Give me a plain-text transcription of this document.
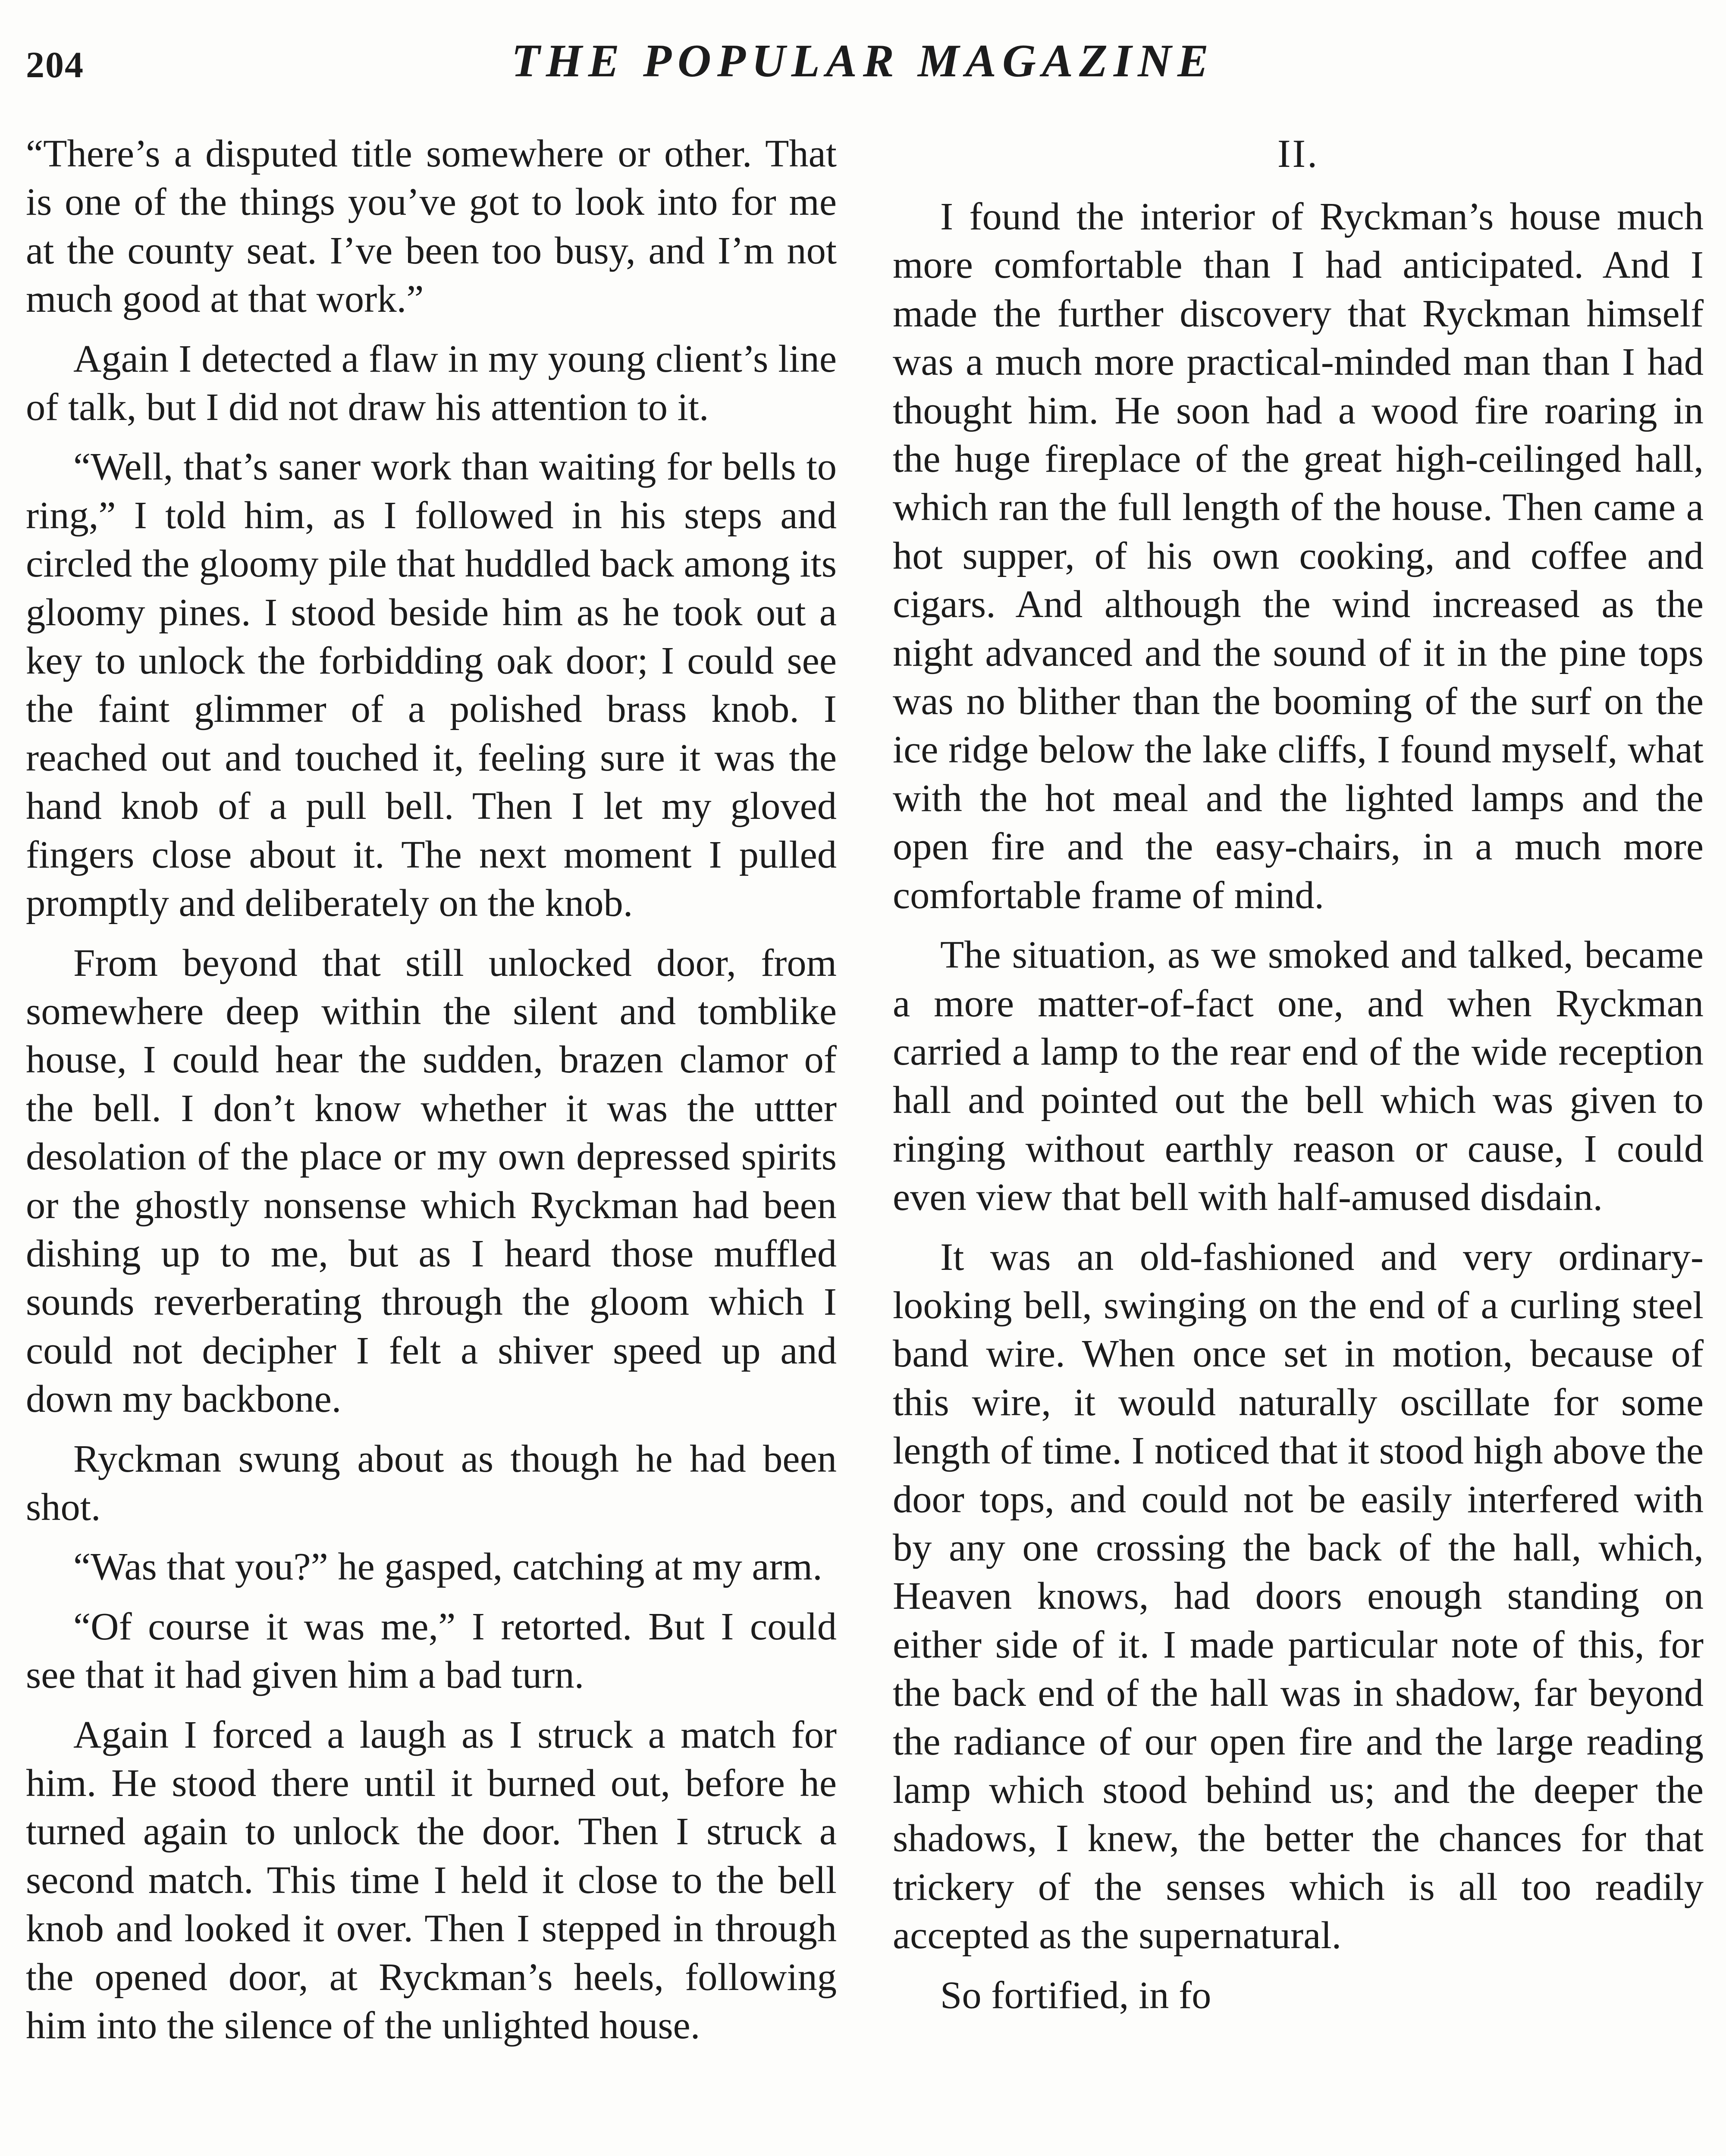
204	THE POPULAR MAGAZINE

“There’s a disputed title somewhere or other. That is one of the things you’ve got to look into for me at the county seat. I’ve been too busy, and I’m not much good at that work.”

Again I detected a flaw in my young client’s line of talk, but I did not draw his attention to it.

“Well, that’s saner work than waiting for bells to ring,” I told him, as I followed in his steps and circled the gloomy pile that huddled back among its gloomy pines. I stood beside him as he took out a key to unlock the forbidding oak door; I could see the faint glimmer of a polished brass knob. I reached out and touched it, feeling sure it was the hand knob of a pull bell. Then I let my gloved fingers close about it. The next moment I pulled promptly and deliberately on the knob.

From beyond that still unlocked door, from somewhere deep within the silent and tomblike house, I could hear the sudden, brazen clamor of the bell. I don’t know whether it was the uttter desolation of the place or my own depressed spirits or the ghostly nonsense which Ryckman had been dishing up to me, but as I heard those muffled sounds reverberating through the gloom which I could not decipher I felt a shiver speed up and down my backbone.

Ryckman swung about as though he had been shot.

“Was that you?” he gasped, catching at my arm.

“Of course it was me,” I retorted. But I could see that it had given him a bad turn.

Again I forced a laugh as I struck a match for him. He stood there until it burned out, before he turned again to unlock the door. Then I struck a second match. This time I held it close to the bell knob and looked it over. Then I stepped in through the opened door, at Ryckman’s heels, following him into the silence of the unlighted house.

II.

I found the interior of Ryckman’s house much more comfortable than I had anticipated. And I made the further discovery that Ryckman himself was a much more practical-minded man than I had thought him. He soon had a wood fire roaring in the huge fireplace of the great high-ceilinged hall, which ran the full length of the house. Then came a hot supper, of his own cooking, and coffee and cigars. And although the wind increased as the night advanced and the sound of it in the pine tops was no blither than the booming of the surf on the ice ridge below the lake cliffs, I found myself, what with the hot meal and the lighted lamps and the open fire and the easy-chairs, in a much more comfortable frame of mind.

The situation, as we smoked and talked, became a more matter-of-fact one, and when Ryckman carried a lamp to the rear end of the wide reception hall and pointed out the bell which was given to ringing without earthly reason or cause, I could even view that bell with half-amused disdain.

It was an old-fashioned and very ordinary-looking bell, swinging on the end of a curling steel band wire. When once set in motion, because of this wire, it would naturally oscillate for some length of time. I noticed that it stood high above the door tops, and could not be easily interfered with by any one crossing the back of the hall, which, Heaven knows, had doors enough standing on either side of it. I made particular note of this, for the back end of the hall was in shadow, far beyond the radiance of our open fire and the large reading lamp which stood behind us; and the deeper the shadows, I knew, the better the chances for that trickery of the senses which is all too readily accepted as the supernatural.

So fortified, in fo
